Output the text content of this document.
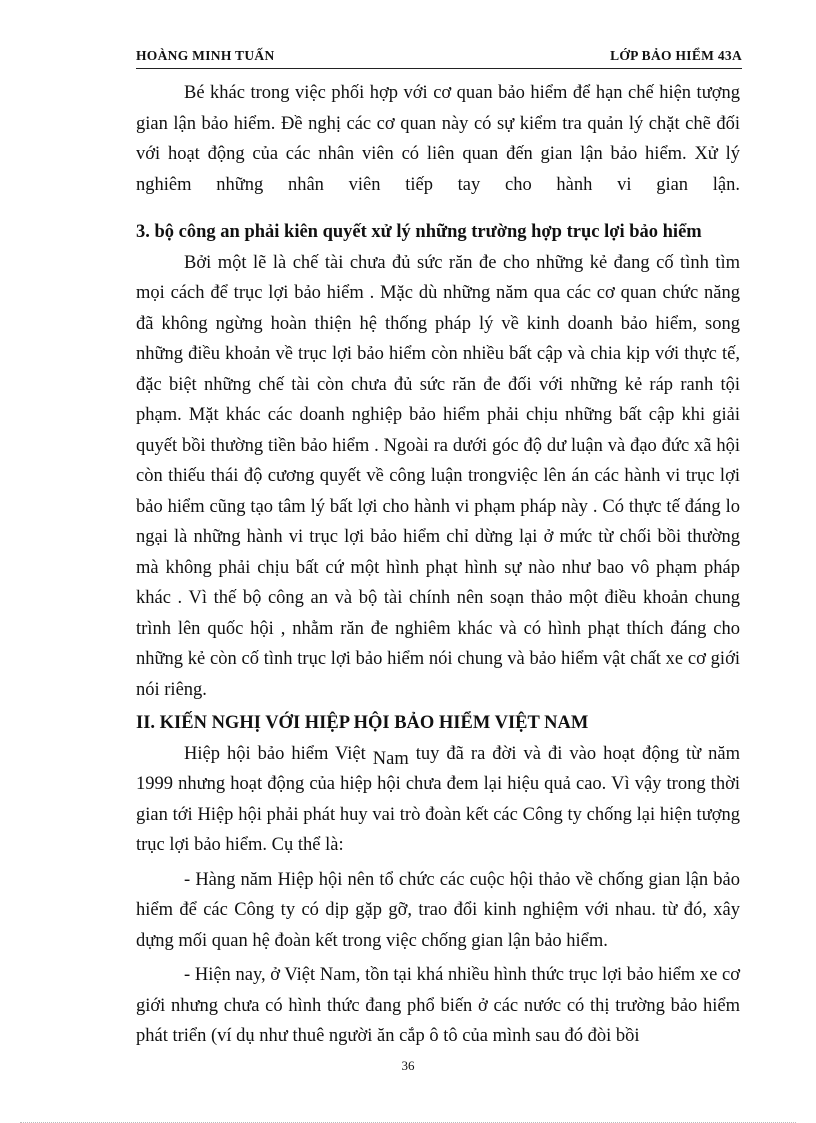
HOÀNG MINH TUẤN	LỚP BẢO HIỂM 43A

Bé khác trong việc phối hợp với cơ quan bảo hiểm để hạn chế hiện tượng gian lận bảo hiểm. Đề nghị các cơ quan này có sự kiểm tra quản lý chặt chẽ đối với hoạt động của các nhân viên có liên quan đến gian lận bảo hiểm. Xử lý nghiêm những nhân viên tiếp tay cho hành vi gian lận.

3. bộ công an phải kiên quyết xử lý những trường hợp trục lợi bảo hiểm

Bởi một lẽ là chế tài chưa đủ sức răn đe cho những kẻ đang cố tình tìm mọi cách để trục lợi bảo hiểm . Mặc dù những năm qua các cơ quan chức năng đã không ngừng hoàn thiện hệ thống pháp lý về kinh doanh bảo hiểm, song những điều khoản về trục lợi bảo hiểm còn nhiều bất cập và chia kịp với thực tế, đặc biệt những chế tài còn chưa đủ sức răn đe đối với những kẻ ráp ranh tội phạm. Mặt khác các doanh nghiệp bảo hiểm phải chịu những bất cập khi giải quyết bồi thường tiền bảo hiểm . Ngoài ra dưới góc độ dư luận và đạo đức xã hội còn thiếu thái độ cương quyết về công luận trongviệc lên án các hành vi trục lợi bảo hiểm cũng tạo tâm lý bất lợi cho hành vi phạm pháp này . Có thực tế đáng lo ngại là những hành vi trục lợi bảo hiểm chỉ dừng lại ở mức từ chối bồi thường mà không phải chịu bất cứ một hình phạt hình sự nào như bao vô phạm pháp khác . Vì thế bộ công an và bộ tài chính nên soạn thảo một điều khoản chung trình lên quốc hội , nhằm răn đe nghiêm khác và có hình phạt thích đáng cho những kẻ còn cố tình trục lợi bảo hiểm nói chung và bảo hiểm vật chất xe cơ giới nói riêng.

II. KIẾN NGHỊ VỚI HIỆP HỘI BẢO HIỂM VIỆT NAM

Hiệp hội bảo hiểm Việt Nam tuy đã ra đời và đi vào hoạt động từ năm 1999 nhưng hoạt động của hiệp hội chưa đem lại hiệu quả cao. Vì vậy trong thời gian tới Hiệp hội phải phát huy vai trò đoàn kết các Công ty chống lại hiện tượng trục lợi bảo hiểm. Cụ thể là:

- Hàng năm Hiệp hội nên tổ chức các cuộc hội thảo về chống gian lận bảo hiểm để các Công ty có dịp gặp gỡ, trao đổi kinh nghiệm với nhau. từ đó, xây dựng mối quan hệ đoàn kết trong việc chống gian lận bảo hiểm.

- Hiện nay, ở Việt Nam, tồn tại khá nhiều hình thức trục lợi bảo hiểm xe cơ giới nhưng chưa có hình thức đang phổ biến ở các nước có thị trường bảo hiểm phát triển (ví dụ như thuê người ăn cắp ô tô của mình sau đó đòi bồi

36
